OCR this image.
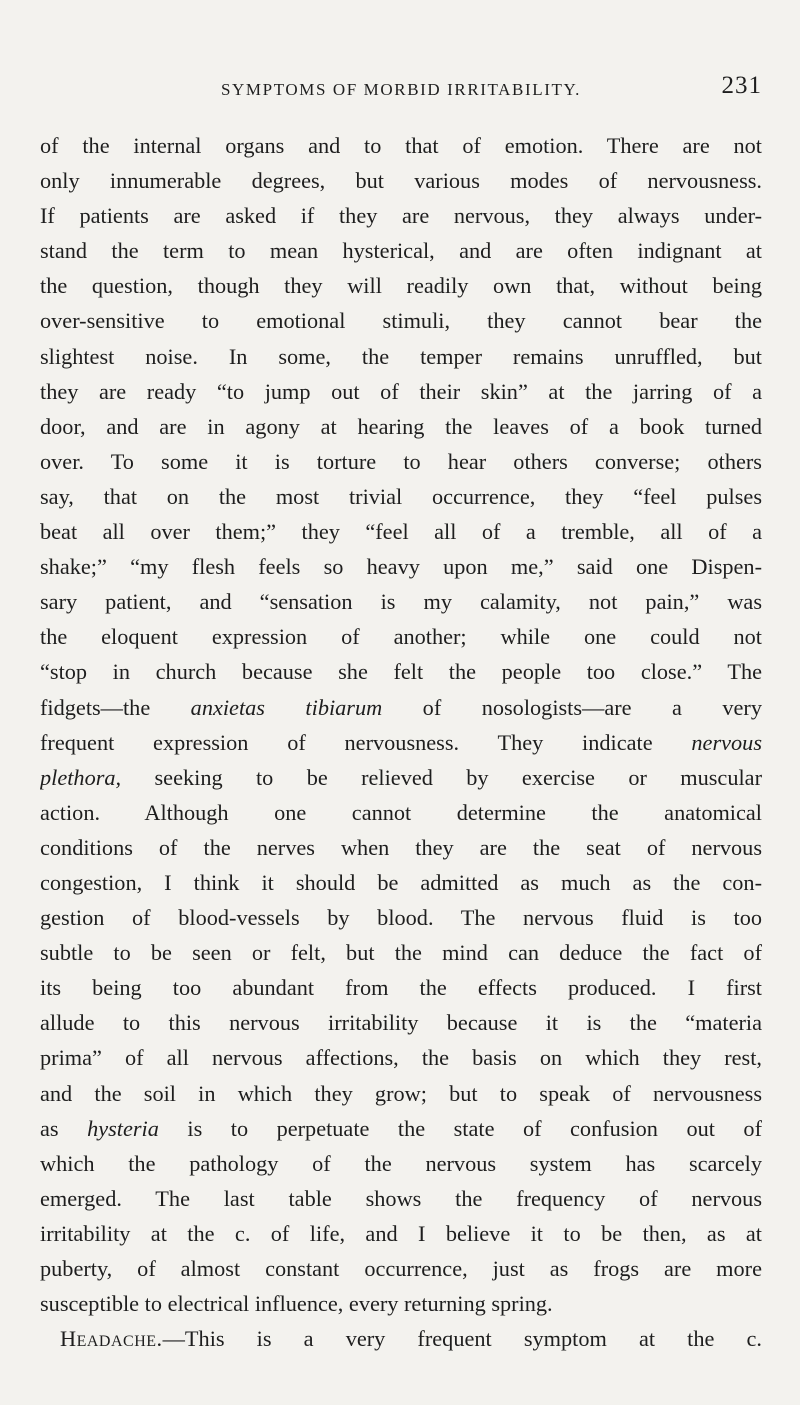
SYMPTOMS OF MORBID IRRITABILITY.	231
of the internal organs and to that of emotion. There are not
only innumerable degrees, but various modes of nervousness.
If patients are asked if they are nervous, they always under-
stand the term to mean hysterical, and are often indignant at
the question, though they will readily own that, without being
over-sensitive to emotional stimuli, they cannot bear the
slightest noise. In some, the temper remains unruffled, but
they are ready “to jump out of their skin” at the jarring of a
door, and are in agony at hearing the leaves of a book turned
over. To some it is torture to hear others converse; others
say, that on the most trivial occurrence, they “feel pulses
beat all over them;” they “feel all of a tremble, all of a
shake;” “my flesh feels so heavy upon me,” said one Dispen-
sary patient, and “sensation is my calamity, not pain,” was
the eloquent expression of another; while one could not
“stop in church because she felt the people too close.” The
fidgets—the anxietas tibiarum of nosologists—are a very
frequent expression of nervousness. They indicate nervous
plethora, seeking to be relieved by exercise or muscular
action. Although one cannot determine the anatomical
conditions of the nerves when they are the seat of nervous
congestion, I think it should be admitted as much as the con-
gestion of blood-vessels by blood. The nervous fluid is too
subtle to be seen or felt, but the mind can deduce the fact of
its being too abundant from the effects produced. I first
allude to this nervous irritability because it is the “materia
prima” of all nervous affections, the basis on which they rest,
and the soil in which they grow; but to speak of nervousness
as hysteria is to perpetuate the state of confusion out of
which the pathology of the nervous system has scarcely
emerged. The last table shows the frequency of nervous
irritability at the c. of life, and I believe it to be then, as at
puberty, of almost constant occurrence, just as frogs are more
susceptible to electrical influence, every returning spring.
Headache.—This is a very frequent symptom at the c.
